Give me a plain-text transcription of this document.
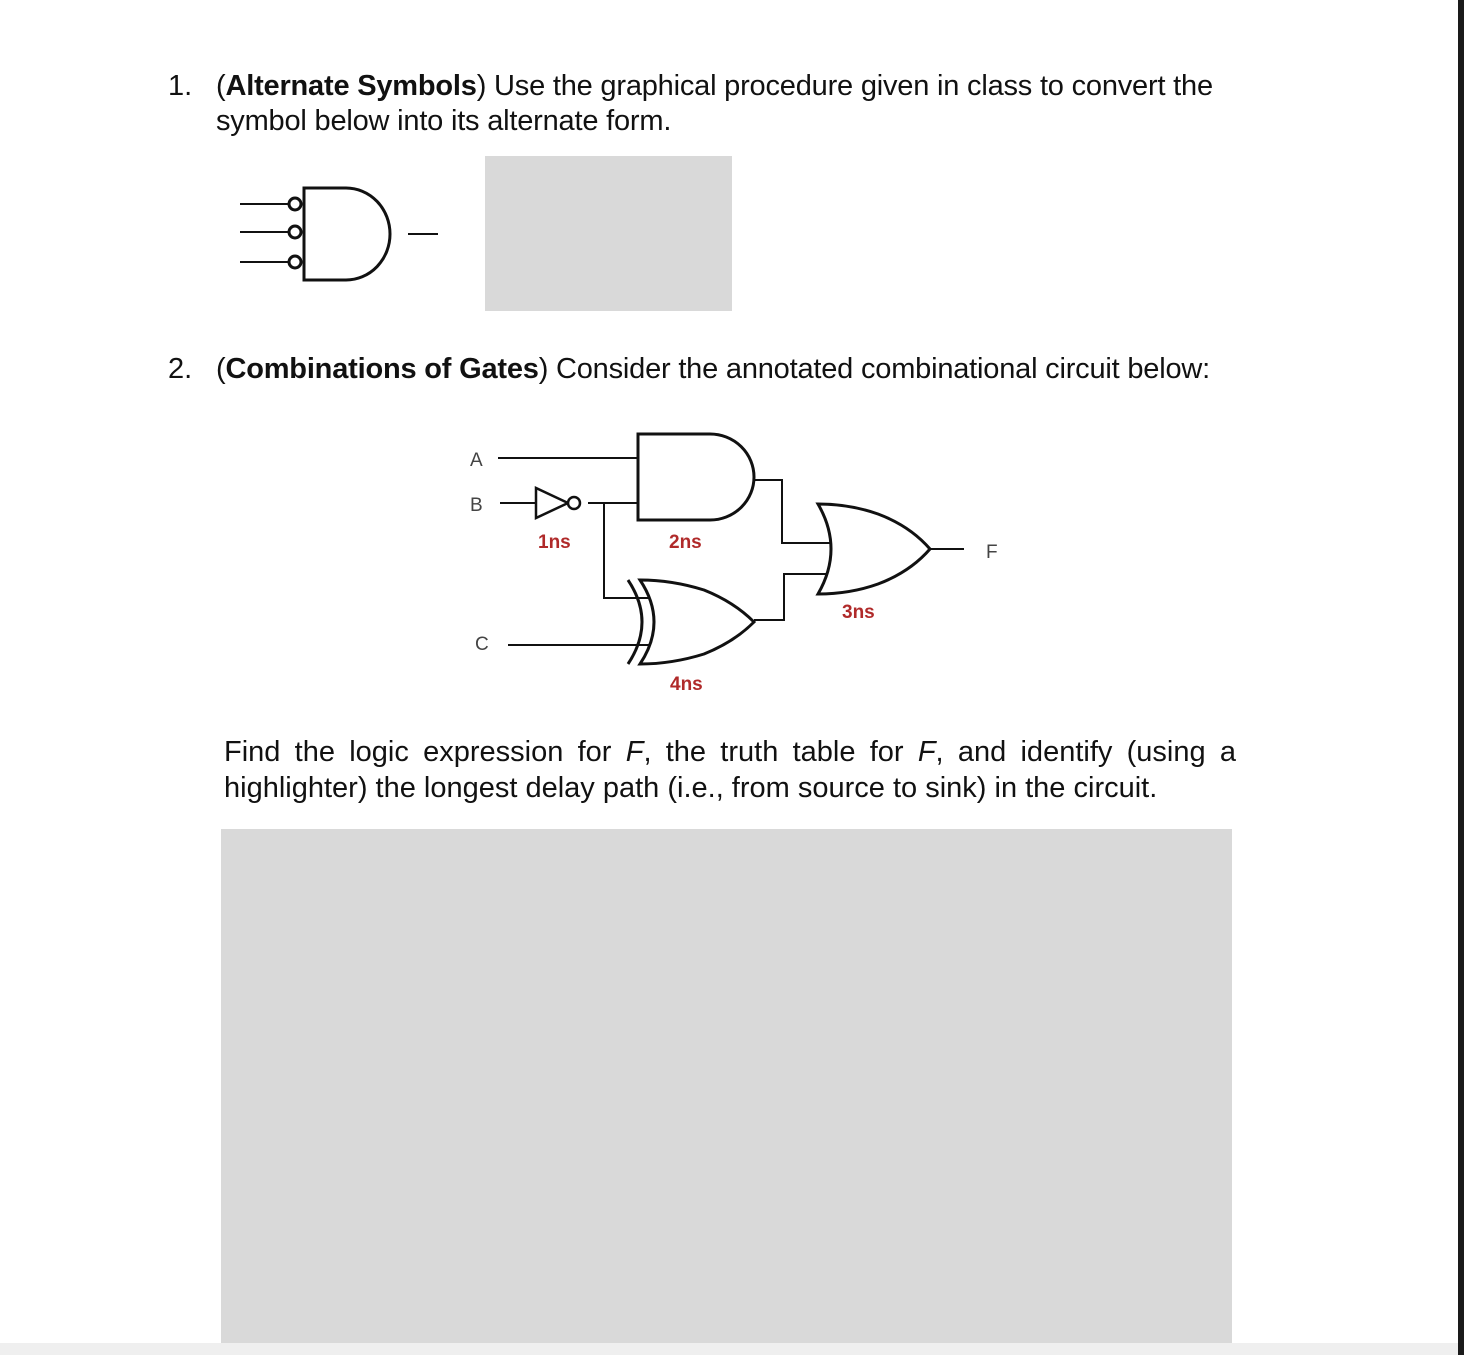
1. (Alternate Symbols) Use the graphical procedure given in class to convert the symbol below into its alternate form.
2. (Combinations of Gates) Consider the annotated combinational circuit below:
A
B
C
F
1ns	2ns
4ns
3ns
Find the logic expression for F, the truth table for F, and identify (using a highlighter) the longest delay path (i.e., from source to sink) in the circuit.
